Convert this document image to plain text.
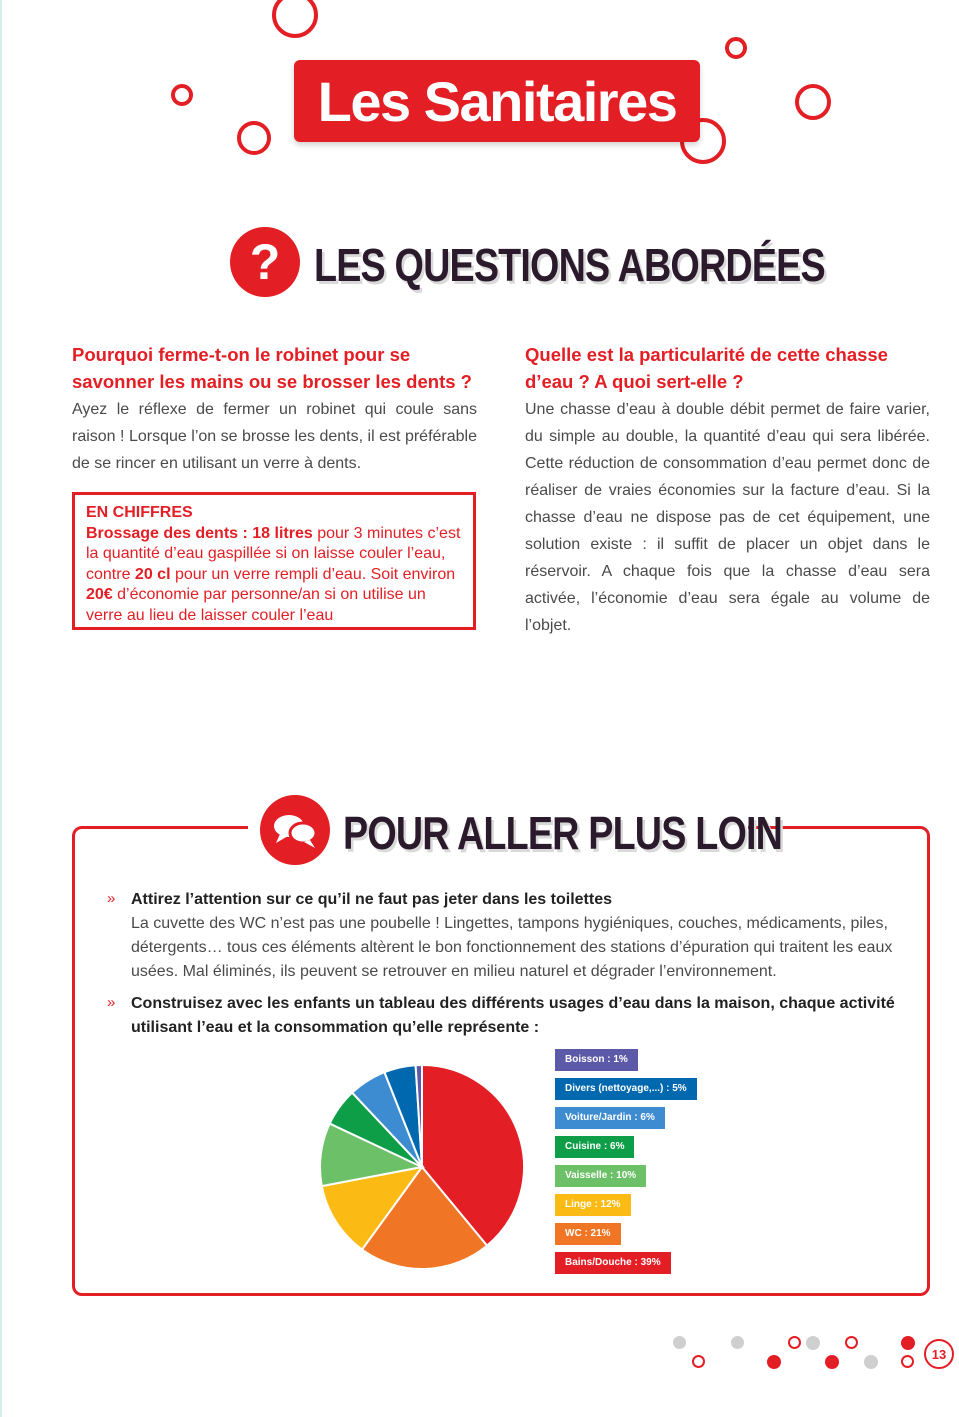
Les Sanitaires
? LES QUESTIONS ABORDÉES
Pourquoi ferme-t-on le robinet pour se savonner les mains ou se brosser les dents ?
Ayez le réflexe de fermer un robinet qui coule sans raison ! Lorsque l’on se brosse les dents, il est préférable de se rincer en utilisant un verre à dents.
EN CHIFFRES
Brossage des dents : 18 litres pour 3 minutes c’est la quantité d’eau gaspillée si on laisse couler l’eau, contre 20 cl pour un verre rempli d’eau. Soit environ 20€ d’économie par personne/an si on utilise un verre au lieu de laisser couler l’eau
Quelle est la particularité de cette chasse d’eau ? A quoi sert-elle ?
Une chasse d’eau à double débit permet de faire varier, du simple au double, la quantité d’eau qui sera libérée. Cette réduction de consommation d’eau permet donc de réaliser de vraies économies sur la facture d’eau. Si la chasse d’eau ne dispose pas de cet équipement, une solution existe : il suffit de placer un objet dans le réservoir. A chaque fois que la chasse d’eau sera activée, l’économie d’eau sera égale au volume de l’objet.
POUR ALLER PLUS LOIN
» Attirez l’attention sur ce qu’il ne faut pas jeter dans les toilettes
La cuvette des WC n’est pas une poubelle ! Lingettes, tampons hygiéniques, couches, médicaments, piles, détergents… tous ces éléments altèrent le bon fonctionnement des stations d’épuration qui traitent les eaux usées. Mal éliminés, ils peuvent se retrouver en milieu naturel et dégrader l’environnement.
» Construisez avec les enfants un tableau des différents usages d’eau dans la maison, chaque activité utilisant l’eau et la consommation qu’elle représente :
Boisson : 1%
Divers (nettoyage,...) : 5%
Voiture/Jardin : 6%
Cuisine : 6%
Vaisselle : 10%
Linge : 12%
WC : 21%
Bains/Douche : 39%
13
